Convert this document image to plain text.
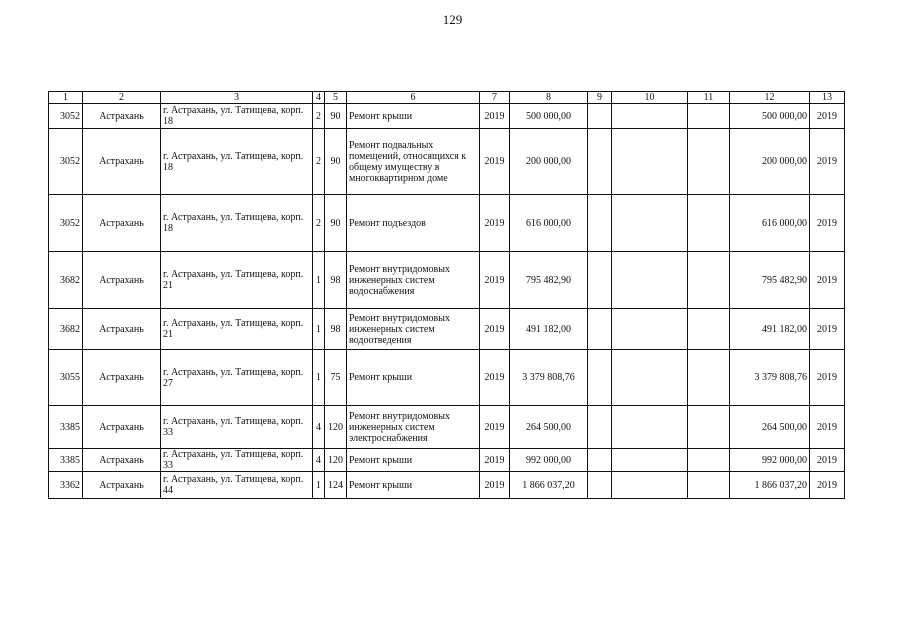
129
1	2	3	4	5	6	7	8	9	10	11	12	13
3052	Астрахань	г. Астрахань, ул. Татищева, корп. 18	2	90	Ремонт крыши	2019	500 000,00				500 000,00	2019
3052	Астрахань	г. Астрахань, ул. Татищева, корп. 18	2	90	Ремонт подвальных помещений, относящихся к общему имуществу в многоквартирном доме	2019	200 000,00				200 000,00	2019
3052	Астрахань	г. Астрахань, ул. Татищева, корп. 18	2	90	Ремонт подъездов	2019	616 000,00				616 000,00	2019
3682	Астрахань	г. Астрахань, ул. Татищева, корп. 21	1	98	Ремонт внутридомовых инженерных систем водоснабжения	2019	795 482,90				795 482,90	2019
3682	Астрахань	г. Астрахань, ул. Татищева, корп. 21	1	98	Ремонт внутридомовых инженерных систем водоотведения	2019	491 182,00				491 182,00	2019
3055	Астрахань	г. Астрахань, ул. Татищева, корп. 27	1	75	Ремонт крыши	2019	3 379 808,76				3 379 808,76	2019
3385	Астрахань	г. Астрахань, ул. Татищева, корп. 33	4	120	Ремонт внутридомовых инженерных систем электроснабжения	2019	264 500,00				264 500,00	2019
3385	Астрахань	г. Астрахань, ул. Татищева, корп. 33	4	120	Ремонт крыши	2019	992 000,00				992 000,00	2019
3362	Астрахань	г. Астрахань, ул. Татищева, корп. 44	1	124	Ремонт крыши	2019	1 866 037,20				1 866 037,20	2019
